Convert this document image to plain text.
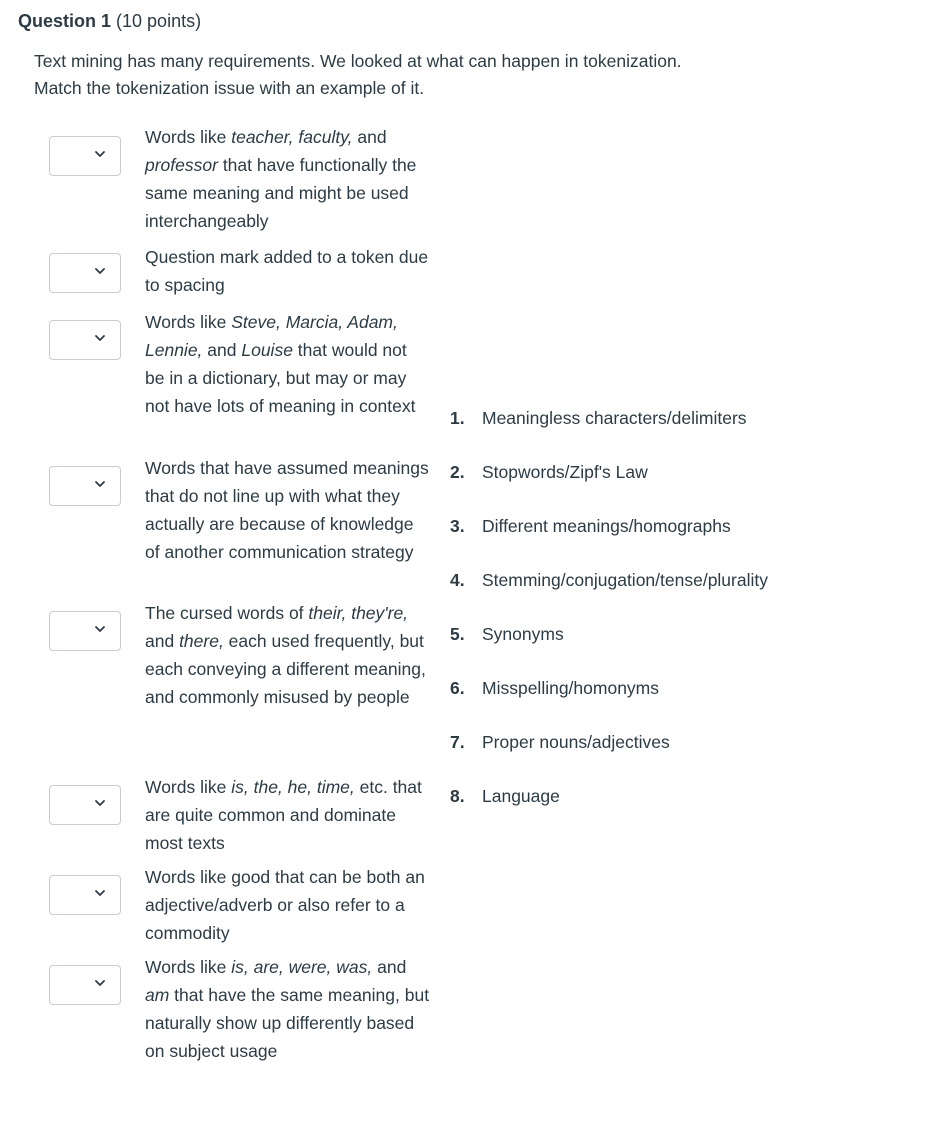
Question 1 (10 points)

Text mining has many requirements. We looked at what can happen in tokenization.

Match the tokenization issue with an example of it.

Words like teacher, faculty, and professor that have functionally the same meaning and might be used interchangeably
Question mark added to a token due to spacing
Words like Steve, Marcia, Adam, Lennie, and Louise that would not be in a dictionary, but may or may not have lots of meaning in context
Words that have assumed meanings that do not line up with what they actually are because of knowledge of another communication strategy
The cursed words of their, they're, and there, each used frequently, but each conveying a different meaning, and commonly misused by people
Words like is, the, he, time, etc. that are quite common and dominate most texts
Words like good that can be both an adjective/adverb or also refer to a commodity
Words like is, are, were, was, and am that have the same meaning, but naturally show up differently based on subject usage
1. Meaningless characters/delimiters
2. Stopwords/Zipf's Law
3. Different meanings/homographs
4. Stemming/conjugation/tense/plurality
5. Synonyms
6. Misspelling/homonyms
7. Proper nouns/adjectives
8. Language
